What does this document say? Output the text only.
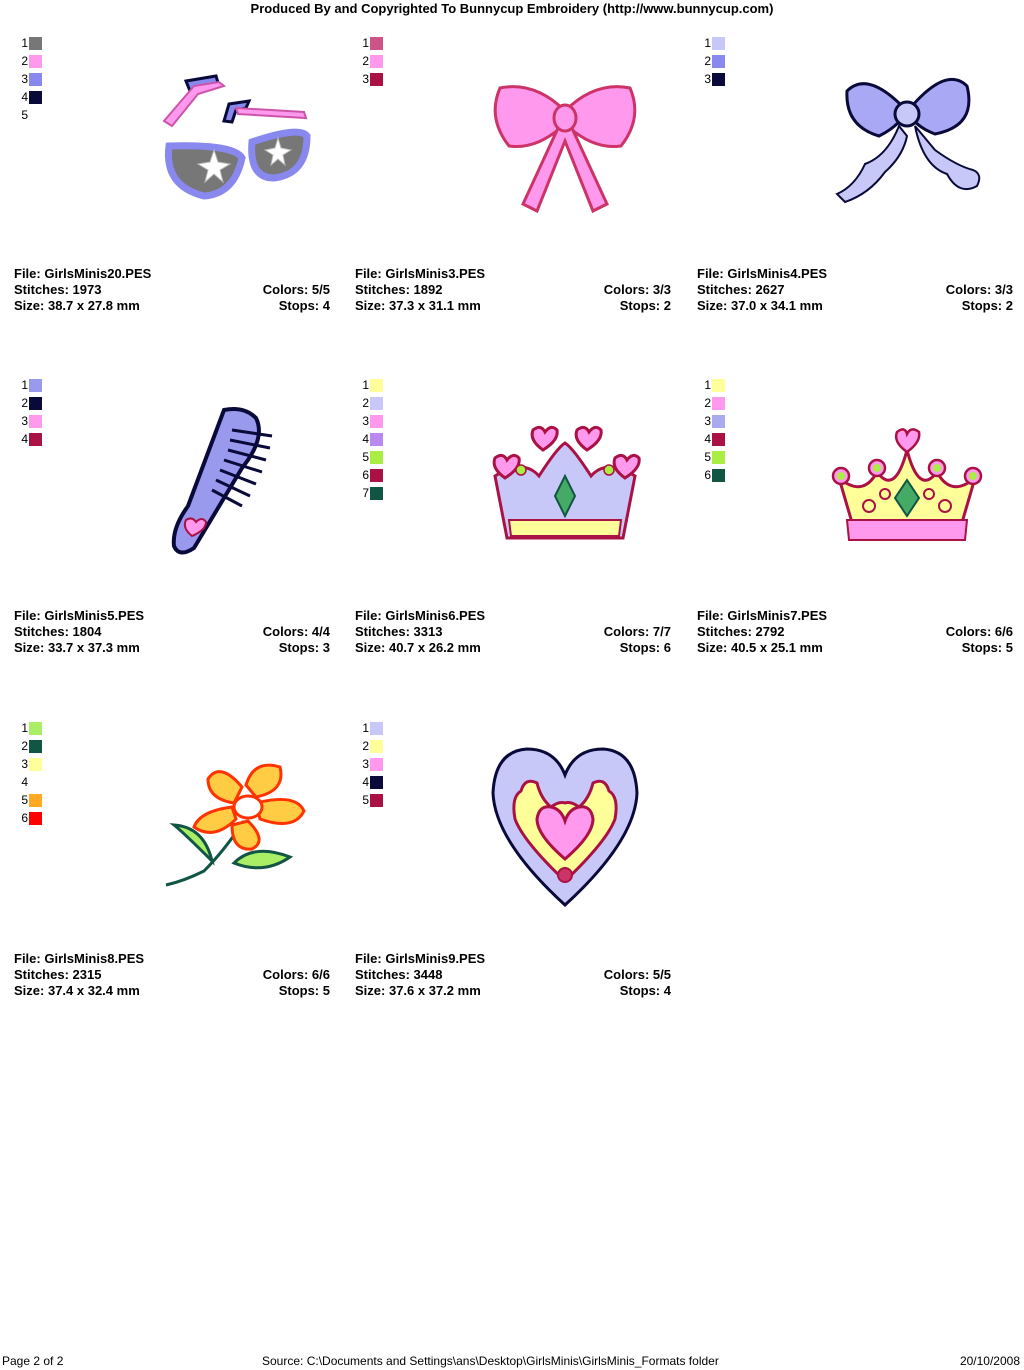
Produced By and Copyrighted To Bunnycup Embroidery (http://www.bunnycup.com)
1
2
3
4
5
File: GirlsMinis20.PES
Stitches: 1973	Colors: 5/5
Size: 38.7 x 27.8 mm	Stops: 4
1
2
3
File: GirlsMinis3.PES
Stitches: 1892	Colors: 3/3
Size: 37.3 x 31.1 mm	Stops: 2
1
2
3
File: GirlsMinis4.PES
Stitches: 2627	Colors: 3/3
Size: 37.0 x 34.1 mm	Stops: 2
1
2
3
4
File: GirlsMinis5.PES
Stitches: 1804	Colors: 4/4
Size: 33.7 x 37.3 mm	Stops: 3
1
2
3
4
5
6
7
File: GirlsMinis6.PES
Stitches: 3313	Colors: 7/7
Size: 40.7 x 26.2 mm	Stops: 6
1
2
3
4
5
6
File: GirlsMinis7.PES
Stitches: 2792	Colors: 6/6
Size: 40.5 x 25.1 mm	Stops: 5
1
2
3
4
5
6
File: GirlsMinis8.PES
Stitches: 2315	Colors: 6/6
Size: 37.4 x 32.4 mm	Stops: 5
1
2
3
4
5
File: GirlsMinis9.PES
Stitches: 3448	Colors: 5/5
Size: 37.6 x 37.2 mm	Stops: 4
Page 2 of 2	Source: C:\Documents and Settings\ans\Desktop\GirlsMinis\GirlsMinis_Formats folder	20/10/2008
